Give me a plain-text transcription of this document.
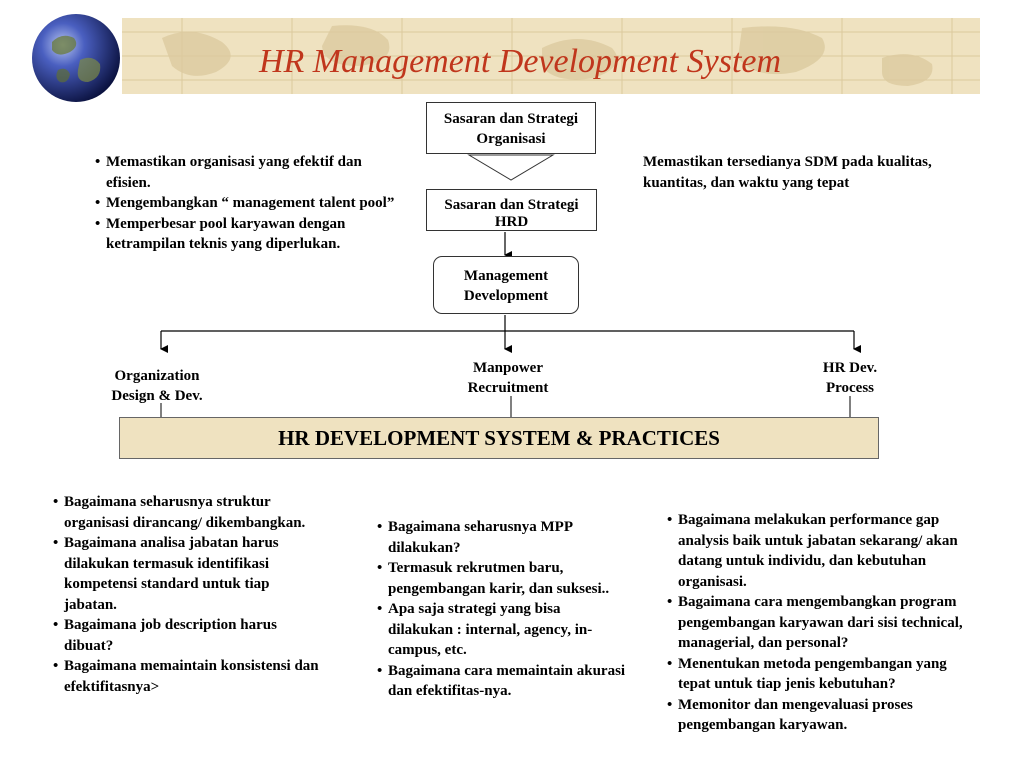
HR Management Development System
Sasaran dan Strategi
Organisasi
Sasaran dan Strategi
HRD
Management
Development
• Memastikan organisasi yang efektif dan efisien.
• Mengembangkan “ management talent pool”
• Memperbesar pool karyawan dengan ketrampilan teknis yang diperlukan.
Memastikan tersedianya SDM pada kualitas, kuantitas, dan waktu yang tepat
Organization
Design & Dev.
Manpower
Recruitment
HR Dev.
Process
HR DEVELOPMENT SYSTEM & PRACTICES
• Bagaimana seharusnya struktur organisasi dirancang/ dikembangkan.
• Bagaimana analisa jabatan harus dilakukan termasuk identifikasi kompetensi standard untuk tiap jabatan.
• Bagaimana job description harus dibuat?
• Bagaimana memaintain konsistensi dan efektifitasnya>
• Bagaimana seharusnya MPP dilakukan?
• Termasuk rekrutmen baru, pengembangan karir, dan suksesi..
• Apa saja strategi yang bisa dilakukan : internal, agency, in-campus, etc.
• Bagaimana cara memaintain akurasi dan efektifitas-nya.
• Bagaimana melakukan performance gap analysis baik untuk jabatan sekarang/ akan datang untuk individu, dan kebutuhan organisasi.
• Bagaimana cara mengembangkan program pengembangan karyawan dari sisi technical, managerial, dan personal?
• Menentukan metoda pengembangan yang tepat untuk tiap jenis kebutuhan?
• Memonitor dan mengevaluasi proses pengembangan karyawan.
